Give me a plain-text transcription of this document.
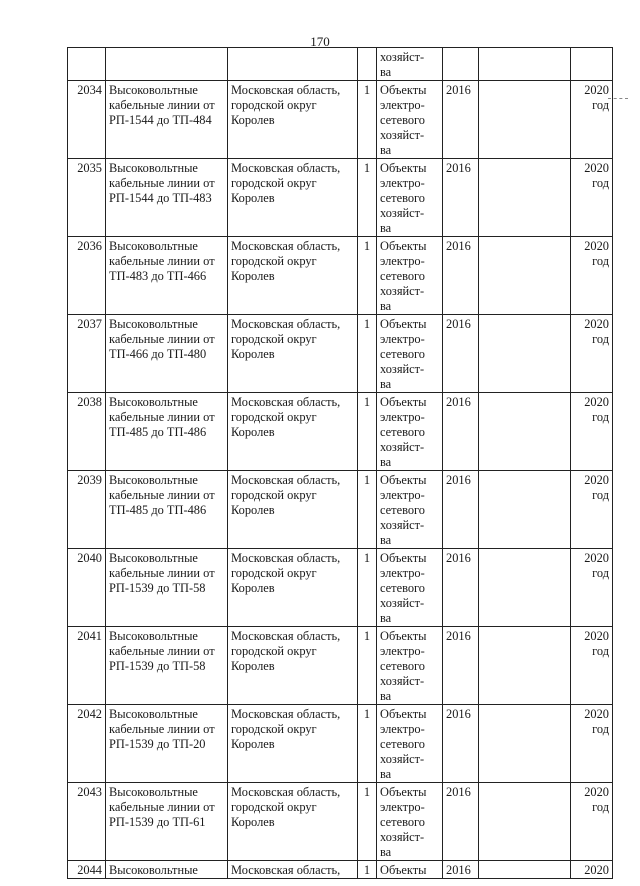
170

				хозяйст-
ва			

2034	Высоковольтные кабельные линии от РП-1544 до ТП-484	Московская область, городской округ Королев	1	Объекты
электро-
сетевого
хозяйст-
ва	2016		2020
год

2035	Высоковольтные кабельные линии от РП-1544 до ТП-483	Московская область, городской округ Королев	1	Объекты
электро-
сетевого
хозяйст-
ва	2016		2020
год

2036	Высоковольтные кабельные линии от ТП-483 до ТП-466	Московская область, городской округ Королев	1	Объекты
электро-
сетевого
хозяйст-
ва	2016		2020
год

2037	Высоковольтные кабельные линии от ТП-466 до ТП-480	Московская область, городской округ Королев	1	Объекты
электро-
сетевого
хозяйст-
ва	2016		2020
год

2038	Высоковольтные кабельные линии от ТП-485 до ТП-486	Московская область, городской округ Королев	1	Объекты
электро-
сетевого
хозяйст-
ва	2016		2020
год

2039	Высоковольтные кабельные линии от ТП-485 до ТП-486	Московская область, городской округ Королев	1	Объекты
электро-
сетевого
хозяйст-
ва	2016		2020
год

2040	Высоковольтные кабельные линии от РП-1539 до ТП-58	Московская область, городской округ Королев	1	Объекты
электро-
сетевого
хозяйст-
ва	2016		2020
год

2041	Высоковольтные кабельные линии от РП-1539 до ТП-58	Московская область, городской округ Королев	1	Объекты
электро-
сетевого
хозяйст-
ва	2016		2020
год

2042	Высоковольтные кабельные линии от РП-1539 до ТП-20	Московская область, городской округ Королев	1	Объекты
электро-
сетевого
хозяйст-
ва	2016		2020
год

2043	Высоковольтные кабельные линии от РП-1539 до ТП-61	Московская область, городской округ Королев	1	Объекты
электро-
сетевого
хозяйст-
ва	2016		2020
год

2044	Высоковольтные	Московская область,	1	Объекты	2016		2020
